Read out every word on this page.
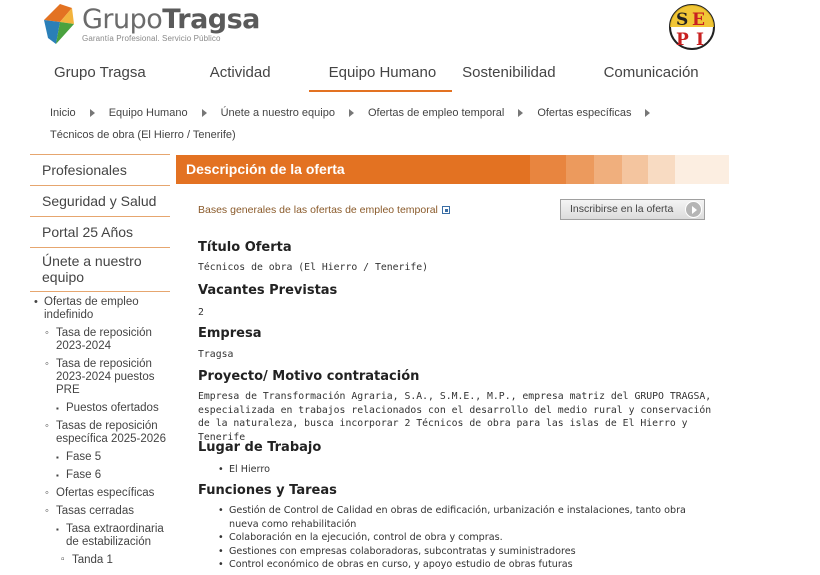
GrupoTragsa
Garantía Profesional. Servicio Público
S E
P I
Grupo Tragsa	Actividad	Equipo Humano	Sostenibilidad	Comunicación
Inicio	Equipo Humano	Únete a nuestro equipo	Ofertas de empleo temporal	Ofertas específicas
Técnicos de obra (El Hierro / Tenerife)
Profesionales
Seguridad y Salud
Portal 25 Años
Únete a nuestro equipo
• Ofertas de empleo indefinido
◦ Tasa de reposición 2023-2024
◦ Tasa de reposición 2023-2024 puestos PRE
▪ Puestos ofertados
◦ Tasas de reposición específica 2025-2026
▪ Fase 5
▪ Fase 6
◦ Ofertas específicas
◦ Tasas cerradas
▪ Tasa extraordinaria de estabilización
▫ Tanda 1
Descripción de la oferta
Bases generales de las ofertas de empleo temporal	Inscribirse en la oferta
Título Oferta
Técnicos de obra (El Hierro / Tenerife)
Vacantes Previstas
2
Empresa
Tragsa
Proyecto/ Motivo contratación
Empresa de Transformación Agraria, S.A., S.M.E., M.P., empresa matriz del GRUPO TRAGSA, especializada en trabajos relacionados con el desarrollo del medio rural y conservación de la naturaleza, busca incorporar 2 Técnicos de obra para las islas de El Hierro y Tenerife
Lugar de Trabajo
• El Hierro
Funciones y Tareas
• Gestión de Control de Calidad en obras de edificación, urbanización e instalaciones, tanto obra nueva como rehabilitación
• Colaboración en la ejecución, control de obra y compras.
• Gestiones con empresas colaboradoras, subcontratas y suministradores
• Control económico de obras en curso, y apoyo estudio de obras futuras
